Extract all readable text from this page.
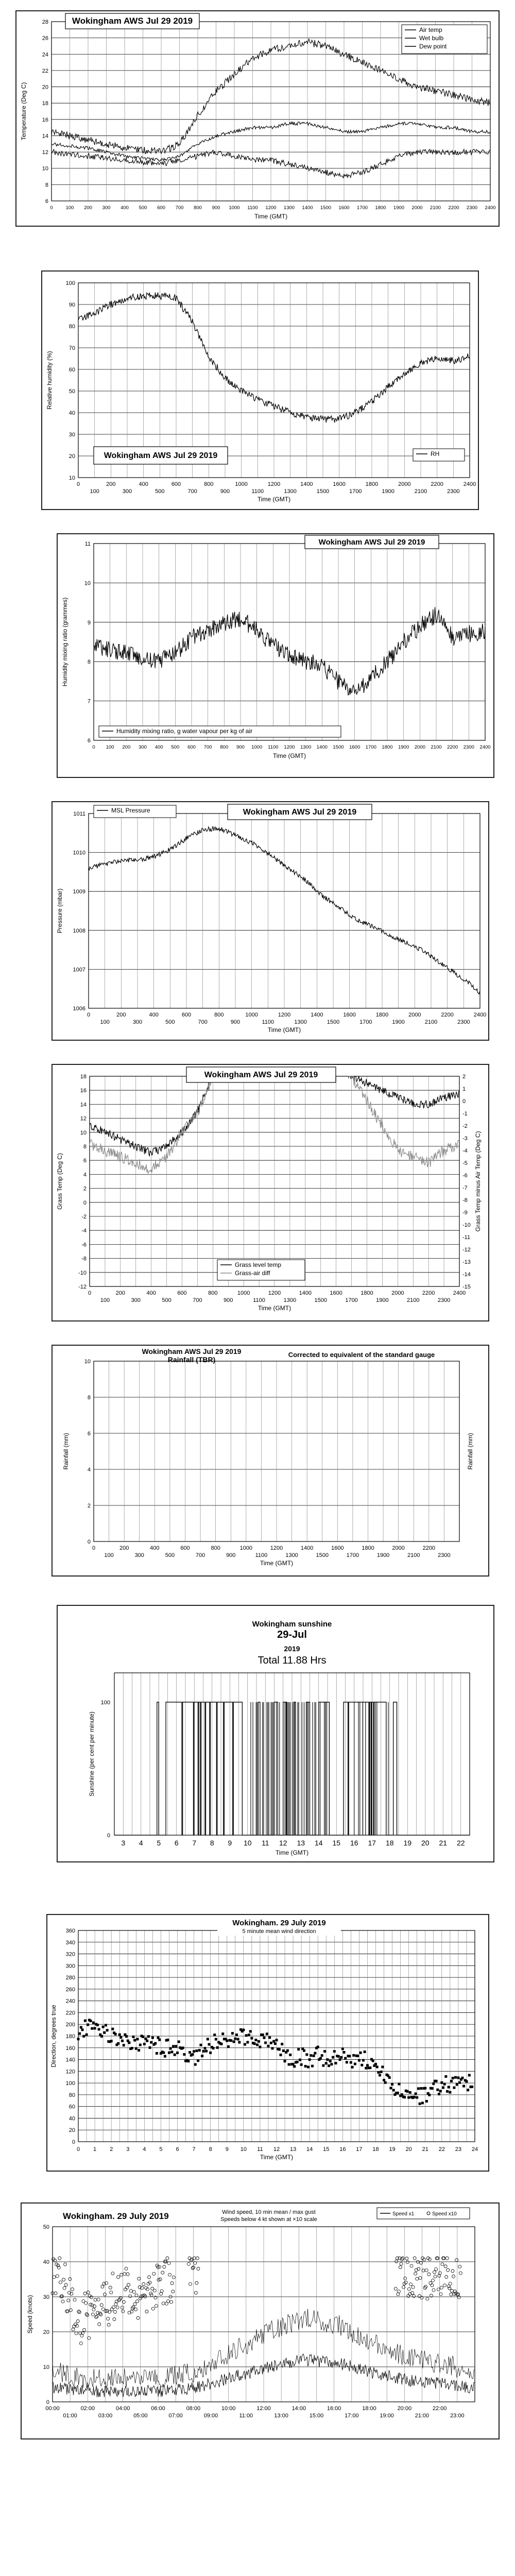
6
8
10
12
14
16
18
20
22
24
26
28
0	100 200 300 400 500 600 700 800 900 1000 1100 1200 1300 1400 1500 1600 1700 1800 1900 2000 2100 2200 2300 2400
Time (GMT)
Temperature (Deg C)
Wokingham AWS Jul 29 2019
Air temp
Wet bulb
Dew point
10
20
30
40
50
60
70
80
90
100
0	200	400	600	800	1000	1200	1400	1600	1800	2000	2200	2400
100	300	500	700	900	1100	1300	1500	1700	1900	2100	2300
Time (GMT)
Relative humidity (%)
Wokingham AWS Jul 29 2019	RH
6
7
8
9
10
11
0 100 200 300 400 500 600 700 800 900 1000 1100 1200 1300 1400 1500 1600 1700 1800 1900 2000 2100 2200 2300 2400
Time (GMT)
Humidity mixing ratio (grammes)
Wokingham AWS Jul 29 2019
Humidity mixing ratio, g water vapour per kg of air
1006
1007
1008
1009
1010
1011
0	200	400	600	800	1000	1200	1400	1600	1800	2000	2200	2400
100	300	500	700	900	1100	1300	1500	1700	1900	2100	2300
Time (GMT)
Pressure (mbar)
Wokingham AWS Jul 29 2019
MSL Pressure
-12
-10
-8
-6
-4
-2
0
2
4
6
8
10
12
14
16
18
-15
-14
-13
-12
-11
-10
-9
-8
-7
-6
-5
-4
-3
-2
-1
0
1
2
0	200	400	600	800	1000	1200	1400	1600	1800	2000	2200	2400
100	300	500	700	900	1100	1300	1500	1700	1900	2100	2300
Time (GMT)
Grass Temp (Deg C)	Grass Temp minus Air Temp (Deg C)
Wokingham AWS Jul 29 2019
Grass level temp
Grass-air diff
0
2
4
6
8
10
0	200	400	600	800	1000	1200	1400	1600	1800	2000	2200
100	300	500	700	900	1100	1300	1500	1700	1900	2100	2300
Time (GMT)
Rainfall (mm)	Rainfall (mm)
Wokingham AWS Jul 29 2019
Rainfall (TBR)
Corrected to equivalent of the standard gauge
100
0
3 4 5 6 7 8 9 10 11 12 13 14 15 16 17 18 19 20 21 22
Time (GMT)
Sunshine (per cent per minute)
Wokingham sunshine
29-Jul
2019
Total 11.88 Hrs
0
20
40
60
80
100
120
140
160
180
200
220
240
260
280
300
320
340
360
0 1 2 3 4 5 6 7 8 9 10 11 12 13 14 15 16 17 18 19 20 21 22 23 24
Time (GMT)
Direction, degrees true
Wokingham. 29 July 2019
5 minute mean wind direction
0
10
20
30
40
50
00:00	02:00	04:00	06:00	08:00	10:00	12:00	14:00	16:00	18:00	20:00	22:00
01:00	03:00	05:00	07:00	09:00	11:00	13:00	15:00	17:00	19:00	21:00	23:00
Speed (knots)
Wokingham. 29 July 2019	Wind speed, 10 min mean / max gust
Speeds below 4 kt shown at ×10 scale
Speed x1	Speed x10
